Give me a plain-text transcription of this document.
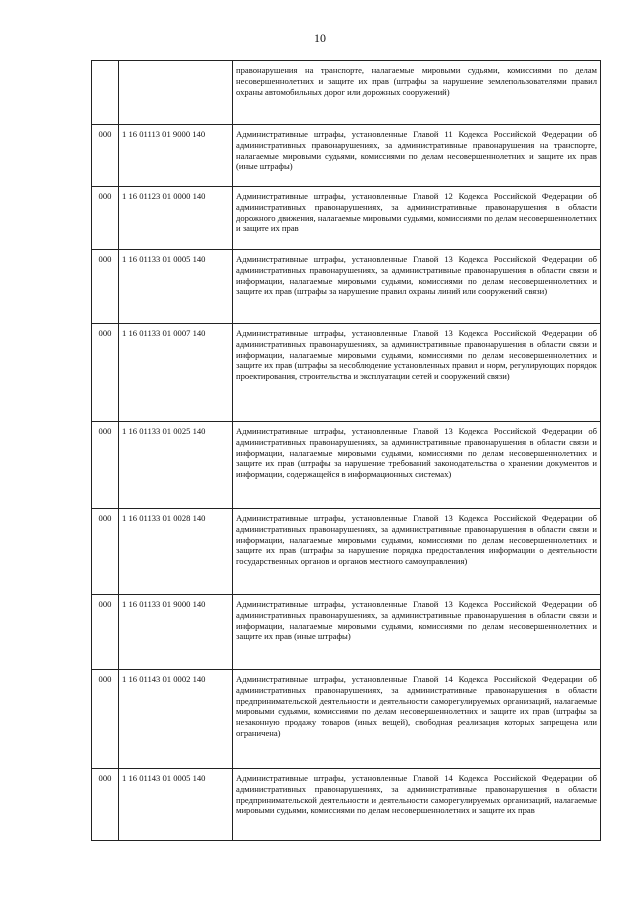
10
		правонарушения на транспорте, налагаемые мировыми судьями, комиссиями по делам несовершеннолетних и защите их прав (штрафы за нарушение землепользователями правил охраны автомобильных дорог или дорожных сооружений)
000	1 16 01113 01 9000 140	Административные штрафы, установленные Главой 11 Кодекса Российской Федерации об административных правонарушениях, за административные правонарушения на транспорте, налагаемые мировыми судьями, комиссиями по делам несовершеннолетних и защите их прав (иные штрафы)
000	1 16 01123 01 0000 140	Административные штрафы, установленные Главой 12 Кодекса Российской Федерации об административных правонарушениях, за административные правонарушения в области дорожного движения, налагаемые мировыми судьями, комиссиями по делам несовершеннолетних и защите их прав
000	1 16 01133 01 0005 140	Административные штрафы, установленные Главой 13 Кодекса Российской Федерации об административных правонарушениях, за административные правонарушения в области связи и информации, налагаемые мировыми судьями, комиссиями по делам несовершеннолетних и защите их прав (штрафы за нарушение правил охраны линий или сооружений связи)
000	1 16 01133 01 0007 140	Административные штрафы, установленные Главой 13 Кодекса Российской Федерации об административных правонарушениях, за административные правонарушения в области связи и информации, налагаемые мировыми судьями, комиссиями по делам несовершеннолетних и защите их прав (штрафы за несоблюдение установленных правил и норм, регулирующих порядок проектирования, строительства и эксплуатации сетей и сооружений связи)
000	1 16 01133 01 0025 140	Административные штрафы, установленные Главой 13 Кодекса Российской Федерации об административных правонарушениях, за административные правонарушения в области связи и информации, налагаемые мировыми судьями, комиссиями по делам несовершеннолетних и защите их прав (штрафы за нарушение требований законодательства о хранении документов и информации, содержащейся в информационных системах)
000	1 16 01133 01 0028 140	Административные штрафы, установленные Главой 13 Кодекса Российской Федерации об административных правонарушениях, за административные правонарушения в области связи и информации, налагаемые мировыми судьями, комиссиями по делам несовершеннолетних и защите их прав (штрафы за нарушение порядка предоставления информации о деятельности государственных органов и органов местного самоуправления)
000	1 16 01133 01 9000 140	Административные штрафы, установленные Главой 13 Кодекса Российской Федерации об административных правонарушениях, за административные правонарушения в области связи и информации, налагаемые мировыми судьями, комиссиями по делам несовершеннолетних и защите их прав (иные штрафы)
000	1 16 01143 01 0002 140	Административные штрафы, установленные Главой 14 Кодекса Российской Федерации об административных правонарушениях, за административные правонарушения в области предпринимательской деятельности и деятельности саморегулируемых организаций, налагаемые мировыми судьями, комиссиями по делам несовершеннолетних и защите их прав (штрафы за незаконную продажу товаров (иных вещей), свободная реализация которых запрещена или ограничена)
000	1 16 01143 01 0005 140	Административные штрафы, установленные Главой 14 Кодекса Российской Федерации об административных правонарушениях, за административные правонарушения в области предпринимательской деятельности и деятельности саморегулируемых организаций, налагаемые мировыми судьями, комиссиями по делам несовершеннолетних и защите их прав
